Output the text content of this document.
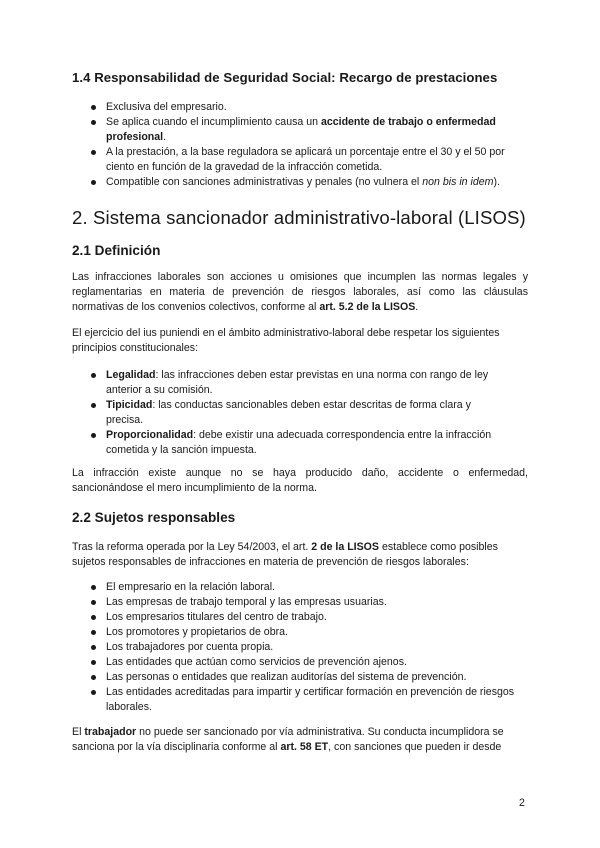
1.4 Responsabilidad de Seguridad Social: Recargo de prestaciones
Exclusiva del empresario.
Se aplica cuando el incumplimiento causa un accidente de trabajo o enfermedad profesional.
A la prestación, a la base reguladora se aplicará un porcentaje entre el 30 y el 50 por ciento en función de la gravedad de la infracción cometida.
Compatible con sanciones administrativas y penales (no vulnera el non bis in idem).
2. Sistema sancionador administrativo-laboral (LISOS)
2.1 Definición

Las infracciones laborales son acciones u omisiones que incumplen las normas legales y reglamentarias en materia de prevención de riesgos laborales, así como las cláusulas normativas de los convenios colectivos, conforme al art. 5.2 de la LISOS.

El ejercicio del ius puniendi en el ámbito administrativo-laboral debe respetar los siguientes principios constitucionales:

Legalidad: las infracciones deben estar previstas en una norma con rango de ley anterior a su comisión.
Tipicidad: las conductas sancionables deben estar descritas de forma clara y precisa.
Proporcionalidad: debe existir una adecuada correspondencia entre la infracción cometida y la sanción impuesta.

La infracción existe aunque no se haya producido daño, accidente o enfermedad, sancionándose el mero incumplimiento de la norma.

2.2 Sujetos responsables

Tras la reforma operada por la Ley 54/2003, el art. 2 de la LISOS establece como posibles sujetos responsables de infracciones en materia de prevención de riesgos laborales:

El empresario en la relación laboral.
Las empresas de trabajo temporal y las empresas usuarias.
Los empresarios titulares del centro de trabajo.
Los promotores y propietarios de obra.
Los trabajadores por cuenta propia.
Las entidades que actúan como servicios de prevención ajenos.
Las personas o entidades que realizan auditorías del sistema de prevención.
Las entidades acreditadas para impartir y certificar formación en prevención de riesgos laborales.

El trabajador no puede ser sancionado por vía administrativa. Su conducta incumplidora se sanciona por la vía disciplinaria conforme al art. 58 ET, con sanciones que pueden ir desde

2
